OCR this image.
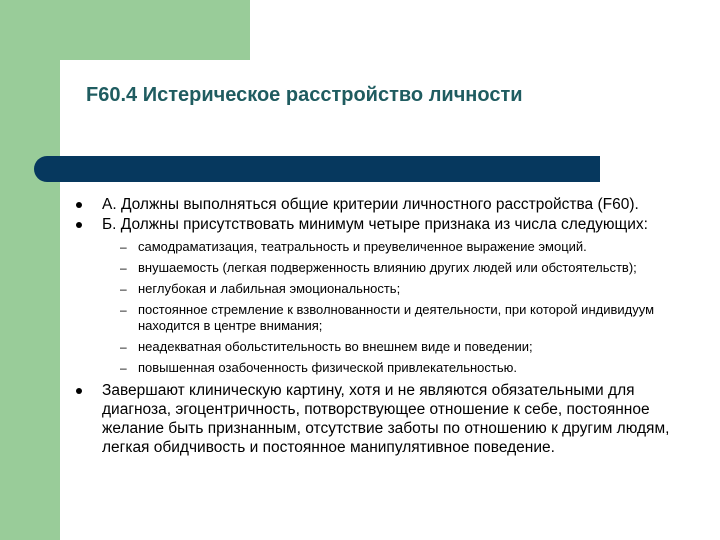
F60.4 Истерическое расстройство личности
А. Должны выполняться общие критерии личностного расстройства (F60).
Б. Должны присутствовать минимум четыре признака из числа следующих:
– самодраматизация, театральность и преувеличенное выражение эмоций.
– внушаемость (легкая подверженность влиянию других людей или обстоятельств);
– неглубокая и лабильная эмоциональность;
– постоянное стремление к взволнованности и деятельности, при которой индивидуум находится в центре внимания;
– неадекватная обольстительность во внешнем виде и поведении;
– повышенная озабоченность физической привлекательностью.
Завершают клиническую картину, хотя и не являются обязательными для диагноза, эгоцентричность, потворствующее отношение к себе, постоянное желание быть признанным, отсутствие заботы по отношению к другим людям, легкая обидчивость и постоянное манипулятивное поведение.
